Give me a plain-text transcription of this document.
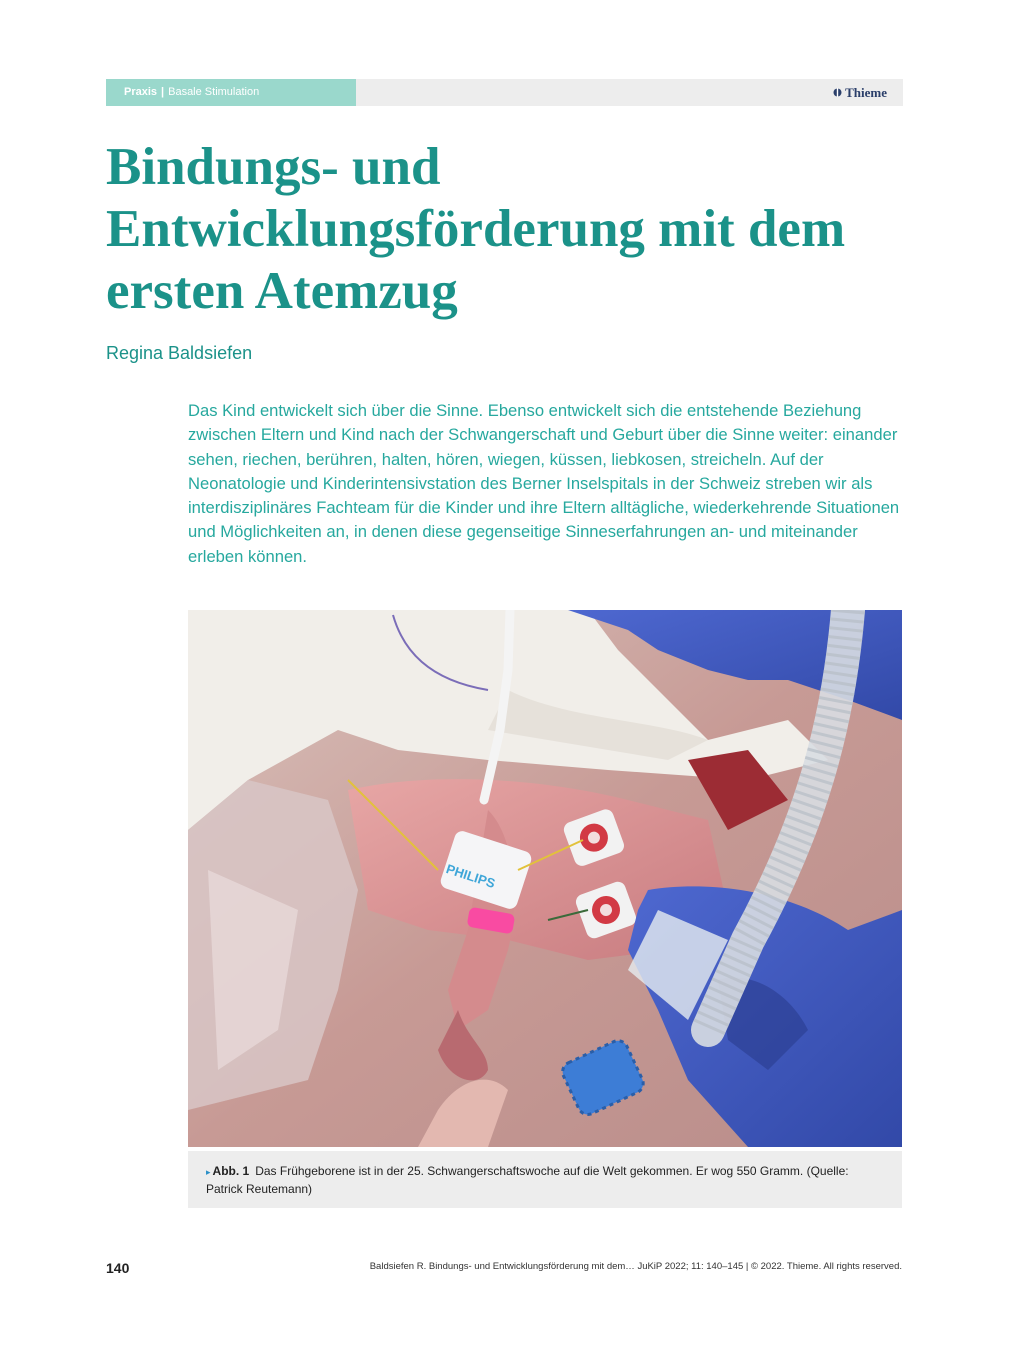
Praxis | Basale Stimulation	Thieme
Bindungs- und Entwicklungsförderung mit dem ersten Atemzug
Regina Baldsiefen

Das Kind entwickelt sich über die Sinne. Ebenso entwickelt sich die entstehende Beziehung zwischen Eltern und Kind nach der Schwangerschaft und Geburt über die Sinne weiter: einander sehen, riechen, berühren, halten, hören, wiegen, küssen, liebkosen, streicheln. Auf der Neonatologie und Kinderintensivstation des Berner Inselspitals in der Schweiz streben wir als interdisziplinäres Fachteam für die Kinder und ihre Eltern alltägliche, wiederkehrende Situationen und Möglichkeiten an, in denen diese gegenseitige Sinneserfahrungen an- und miteinander erleben können.

PHILIPS
▸ Abb. 1 Das Frühgeborene ist in der 25. Schwangerschaftswoche auf die Welt gekommen. Er wog 550 Gramm. (Quelle: Patrick Reutemann)
140	Baldsiefen R. Bindungs- und Entwicklungsförderung mit dem… JuKiP 2022; 11: 140–145 | © 2022. Thieme. All rights reserved.
